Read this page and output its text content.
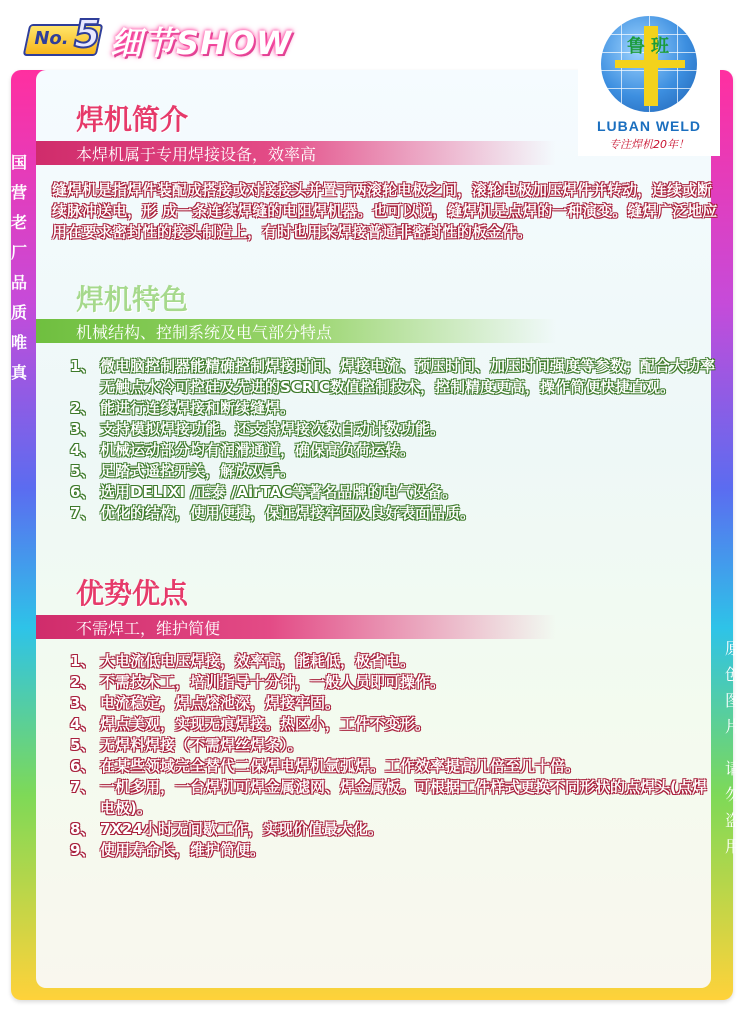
No. 5 细节SHOW	鲁班
LUBAN WELD
专注焊机20年！
国
营
老
厂
品
质
唯
真
原
创
图
片
请
勿
盗
用
焊机简介
本焊机属于专用焊接设备，效率高
缝焊机是指焊件装配成搭接或对接接头并置于两滚轮电极之间，滚轮电极加压焊件并转动，连续或断续脉冲送电，形 成一条连续焊缝的电阻焊机器。也可以说，缝焊机是点焊的一种演变。缝焊广泛地应用在要求密封性的接头制造上，有时也用来焊接普通非密封性的板金件。
焊机特色
机械结构、控制系统及电气部分特点
1、 微电脑控制器能精确控制焊接时间、焊接电流、预压时间、加压时间强度等参数；配合大功率无触点水冷可控硅及先进的SCRIC数值控制技术，控制精度更高，操作简便快捷直观。
2、 能进行连续焊接和断续缝焊。
3、 支持模拟焊接功能。还支持焊接次数自动计数功能。
4、 机械运动部分均有润滑通道，确保高负荷运转。
5、 足踏式遥控开关，解放双手。
6、 选用DELIXI /正泰 /AirTAC等著名品牌的电气设备。
7、 优化的结构，使用便捷，保证焊接牢固及良好表面品质。
优势优点
不需焊工，维护简便
1、 大电流低电压焊接，效率高，能耗低，极省电。
2、 不需技术工，培训指导十分钟，一般人员即可操作。
3、 电流稳定，焊点熔池深，焊接牢固。
4、 焊点美观，实现无痕焊接。热区小，工件不变形。
5、 无焊料焊接（不需焊丝焊条）。
6、 在某些领域完全替代二保焊电焊机氩弧焊。工作效率提高几倍至几十倍。
7、 一机多用，一台焊机可焊金属滤网、焊金属板。可根据工件样式更换不同形状的点焊头(点焊电极)。
8、 7X24小时无间歇工作，实现价值最大化。
9、 使用寿命长，维护简便。
